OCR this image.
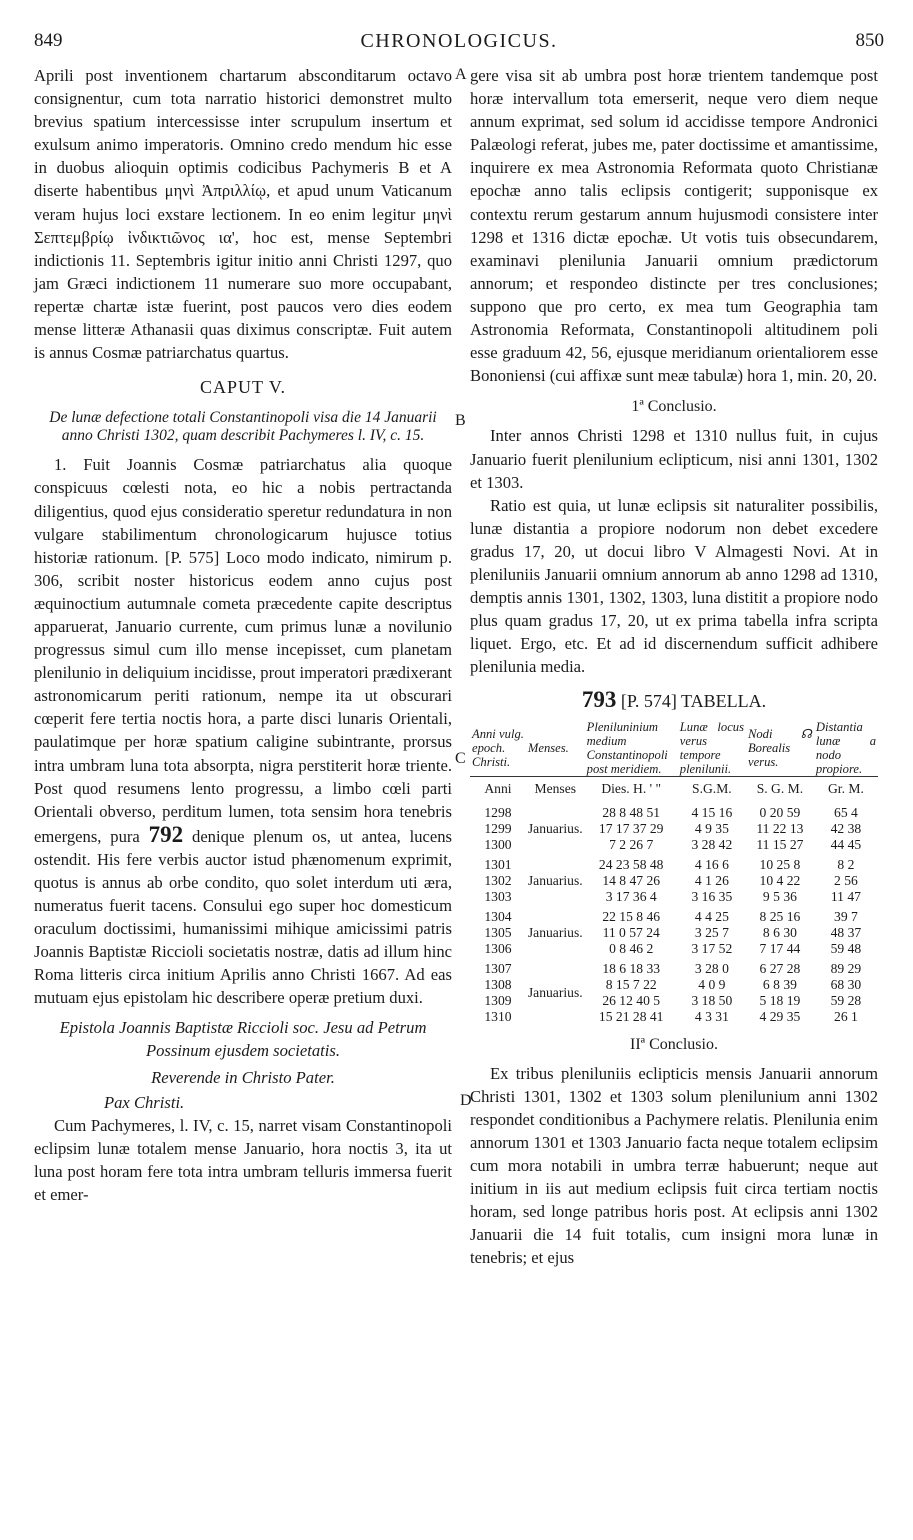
849	CHRONOLOGICUS.	850
A
B
C
D

Aprili post inventionem chartarum absconditarum octavo consignentur, cum tota narratio historici demonstret multo brevius spatium intercessisse inter scrupulum insertum et exulsum animo imperatoris. Omnino credo mendum hic esse in duobus alioquin optimis codicibus Pachymeris B et A diserte habentibus μηνὶ Ἀπριλλίῳ, et apud unum Vaticanum veram hujus loci exstare lectionem. In eo enim legitur μηνὶ Σεπτεμβρίῳ ἰνδικτιῶνος ια', hoc est, mense Septembri indictionis 11. Septembris igitur initio anni Christi 1297, quo jam Græci indictionem 11 numerare suo more occupabant, repertæ chartæ istæ fuerint, post paucos vero dies eodem mense litteræ Athanasii quas diximus conscriptæ. Fuit autem is annus Cosmæ patriarchatus quartus.

CAPUT V.
De lunæ defectione totali Constantinopoli visa die 14 Januarii anno Christi 1302, quam describit Pachymeres l. IV, c. 15.

1. Fuit Joannis Cosmæ patriarchatus alia quoque conspicuus cœlesti nota, eo hic a nobis pertractanda diligentius, quod ejus consideratio speretur redundatura in non vulgare stabilimentum chronologicarum hujusce totius historiæ rationum. [P. 575] Loco modo indicato, nimirum p. 306, scribit noster historicus eodem anno cujus post æquinoctium autumnale cometa præcedente capite descriptus apparuerat, Januario currente, cum primus lunæ a novilunio progressus simul cum illo mense incepisset, cum planetam plenilunio in deliquium incidisse, prout imperatori prædixerant astronomicarum periti rationum, nempe ita ut obscurari cœperit fere tertia noctis hora, a parte disci lunaris Orientali, paulatimque per horæ spatium caligine subintrante, prorsus intra umbram luna tota absorpta, nigra perstiterit horæ triente. Post quod resumens lento progressu, a limbo cœli parti Orientali obverso, perditum lumen, tota sensim hora tenebris emergens, pura 792 denique plenum os, ut antea, lucens ostendit. His fere verbis auctor istud phænomenum exprimit, quotus is annus ab orbe condito, quo solet interdum uti æra, numeratus fuerit tacens. Consului ego super hoc domesticum oraculum doctissimi, humanissimi mihique amicissimi patris Joannis Baptistæ Riccioli societatis nostræ, datis ad illum hinc Roma litteris circa initium Aprilis anno Christi 1667. Ad eas mutuam ejus epistolam hic describere operæ pretium duxi.

Epistola Joannis Baptistæ Riccioli soc. Jesu ad Petrum Possinum ejusdem societatis.
Reverende in Christo Pater.
Pax Christi.

Cum Pachymeres, l. IV, c. 15, narret visam Constantinopoli eclipsim lunæ totalem mense Januario, hora noctis 3, ita ut luna post horam fere tota intra umbram telluris immersa fuerit et emer-

gere visa sit ab umbra post horæ trientem tandemque post horæ intervallum tota emerserit, neque vero diem neque annum exprimat, sed solum id accidisse tempore Andronici Palæologi referat, jubes me, pater doctissime et amantissime, inquirere ex mea Astronomia Reformata quoto Christianæ epochæ anno talis eclipsis contigerit; supponisque ex contextu rerum gestarum annum hujusmodi consistere inter 1298 et 1316 dictæ epochæ. Ut votis tuis obsecundarem, examinavi plenilunia Januarii omnium prædictorum annorum; et respondeo distincte per tres conclusiones; suppono que pro certo, ex mea tum Geographia tam Astronomia Reformata, Constantinopoli altitudinem poli esse graduum 42, 56, ejusque meridianum orientaliorem esse Bononiensi (cui affixæ sunt meæ tabulæ) hora 1, min. 20, 20.

1ª Conclusio.

Inter annos Christi 1298 et 1310 nullus fuit, in cujus Januario fuerit plenilunium eclipticum, nisi anni 1301, 1302 et 1303.

Ratio est quia, ut lunæ eclipsis sit naturaliter possibilis, lunæ distantia a propiore nodorum non debet excedere gradus 17, 20, ut docui libro V Almagesti Novi. At in pleniluniis Januarii omnium annorum ab anno 1298 ad 1310, demptis annis 1301, 1302, 1303, luna distitit a propiore nodo plus quam gradus 17, 20, ut ex prima tabella infra scripta liquet. Ergo, etc. Et ad id discernendum sufficit adhibere plenilunia media.

793 [P. 574] TABELLA.
Anni vulg. epoch. Christi.	Menses.	Pleniluninium medium Constantinopoli post meridiem.	Lunæ locus verus tempore plenilunii.	Nodi ☊ Borealis verus.	Distantia lunæ a nodo propiore.
Anni	Menses	Dies. H. ' "	S.G.M.	S. G. M.	Gr. M.
1298	Januarius.	28 8 48 51	4 15 16	0 20 59	65 4
1299		17 17 37 29	4 9 35	11 22 13	42 38
1300		7 2 26 7	3 28 42	11 15 27	44 45
1301	Januarius.	24 23 58 48	4 16 6	10 25 8	8 2
1302		14 8 47 26	4 1 26	10 4 22	2 56
1303		3 17 36 4	3 16 35	9 5 36	11 47
1304	Januarius.	22 15 8 46	4 4 25	8 25 16	39 7
1305		11 0 57 24	3 25 7	8 6 30	48 37
1306		0 8 46 2	3 17 52	7 17 44	59 48
1307	Januarius.	18 6 18 33	3 28 0	6 27 28	89 29
1308		8 15 7 22	4 0 9	6 8 39	68 30
1309		26 12 40 5	3 18 50	5 18 19	59 28
1310		15 21 28 41	4 3 31	4 29 35	26 1
IIª Conclusio.

Ex tribus pleniluniis eclipticis mensis Januarii annorum Christi 1301, 1302 et 1303 solum plenilunium anni 1302 respondet conditionibus a Pachymere relatis. Plenilunia enim annorum 1301 et 1303 Januario facta neque totalem eclipsim cum mora notabili in umbra terræ habuerunt; neque aut initium in iis aut medium eclipsis fuit circa tertiam noctis horam, sed longe patribus horis post. At eclipsis anni 1302 Januarii die 14 fuit totalis, cum insigni mora lunæ in tenebris; et ejus
